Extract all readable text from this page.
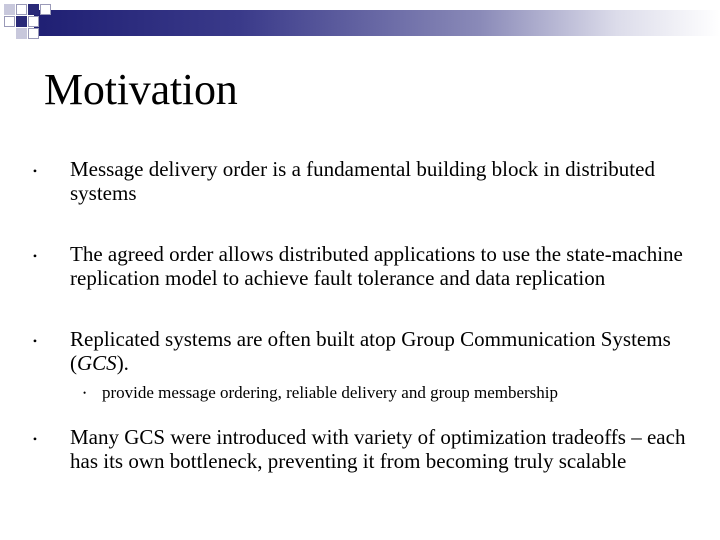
Motivation
• Message delivery order is a fundamental building block in distributed systems
• The agreed order allows distributed applications to use the state-machine replication model to achieve fault tolerance and data replication
• Replicated systems are often built atop Group Communication Systems (GCS).
• provide message ordering, reliable delivery and group membership
• Many GCS were introduced with variety of optimization tradeoffs – each has its own bottleneck, preventing it from becoming truly scalable
